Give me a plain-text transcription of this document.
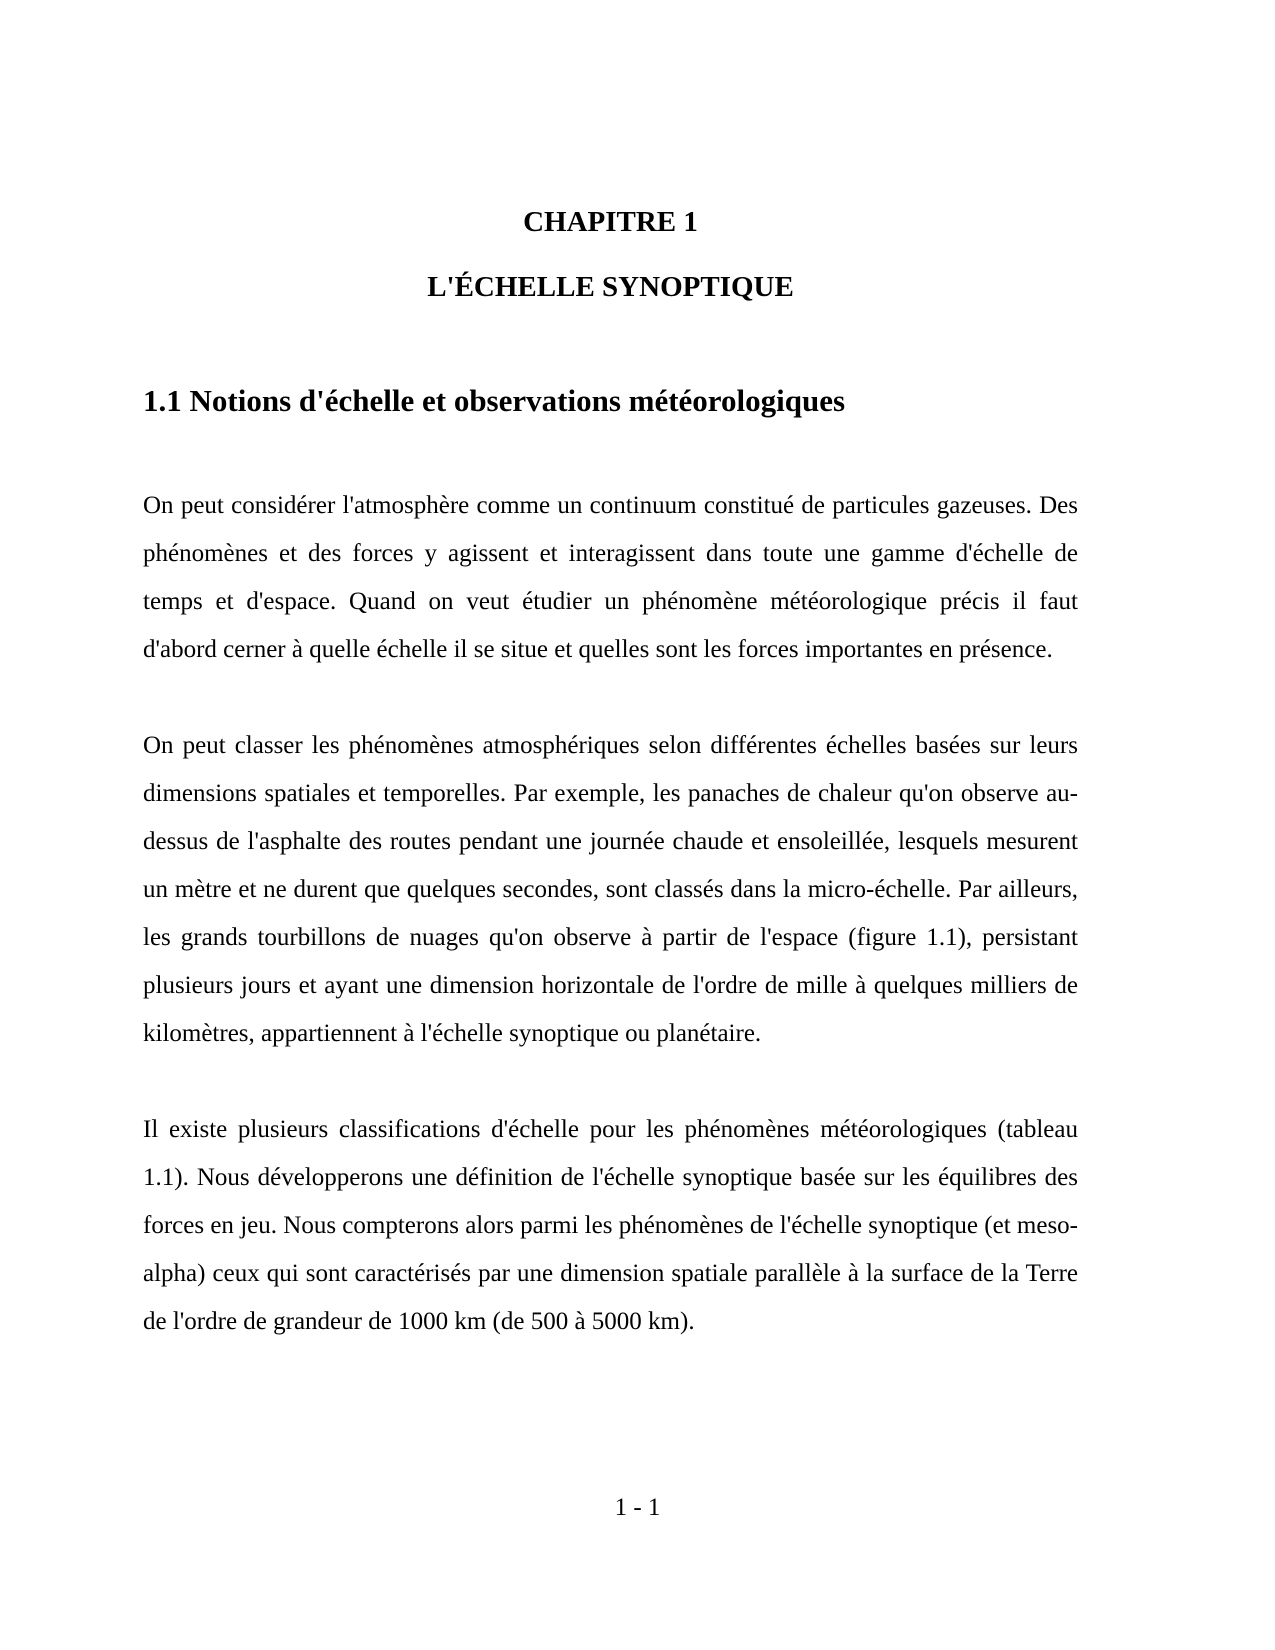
CHAPITRE 1
L'ÉCHELLE SYNOPTIQUE
1.1 Notions d'échelle et observations météorologiques

On peut considérer l'atmosphère comme un continuum constitué de particules gazeuses. Des phénomènes et des forces y agissent et interagissent dans toute une gamme d'échelle de temps et d'espace. Quand on veut étudier un phénomène météorologique précis il faut d'abord cerner à quelle échelle il se situe et quelles sont les forces importantes en présence.

On peut classer les phénomènes atmosphériques selon différentes échelles basées sur leurs dimensions spatiales et temporelles. Par exemple, les panaches de chaleur qu'on observe au-dessus de l'asphalte des routes pendant une journée chaude et ensoleillée, lesquels mesurent un mètre et ne durent que quelques secondes, sont classés dans la micro-échelle. Par ailleurs, les grands tourbillons de nuages qu'on observe à partir de l'espace (figure 1.1), persistant plusieurs jours et ayant une dimension horizontale de l'ordre de mille à quelques milliers de kilomètres, appartiennent à l'échelle synoptique ou planétaire.

Il existe plusieurs classifications d'échelle pour les phénomènes météorologiques (tableau 1.1). Nous développerons une définition de l'échelle synoptique basée sur les équilibres des forces en jeu. Nous compterons alors parmi les phénomènes de l'échelle synoptique (et meso-alpha) ceux qui sont caractérisés par une dimension spatiale parallèle à la surface de la Terre de l'ordre de grandeur de 1000 km (de 500 à 5000 km).

1 - 1
